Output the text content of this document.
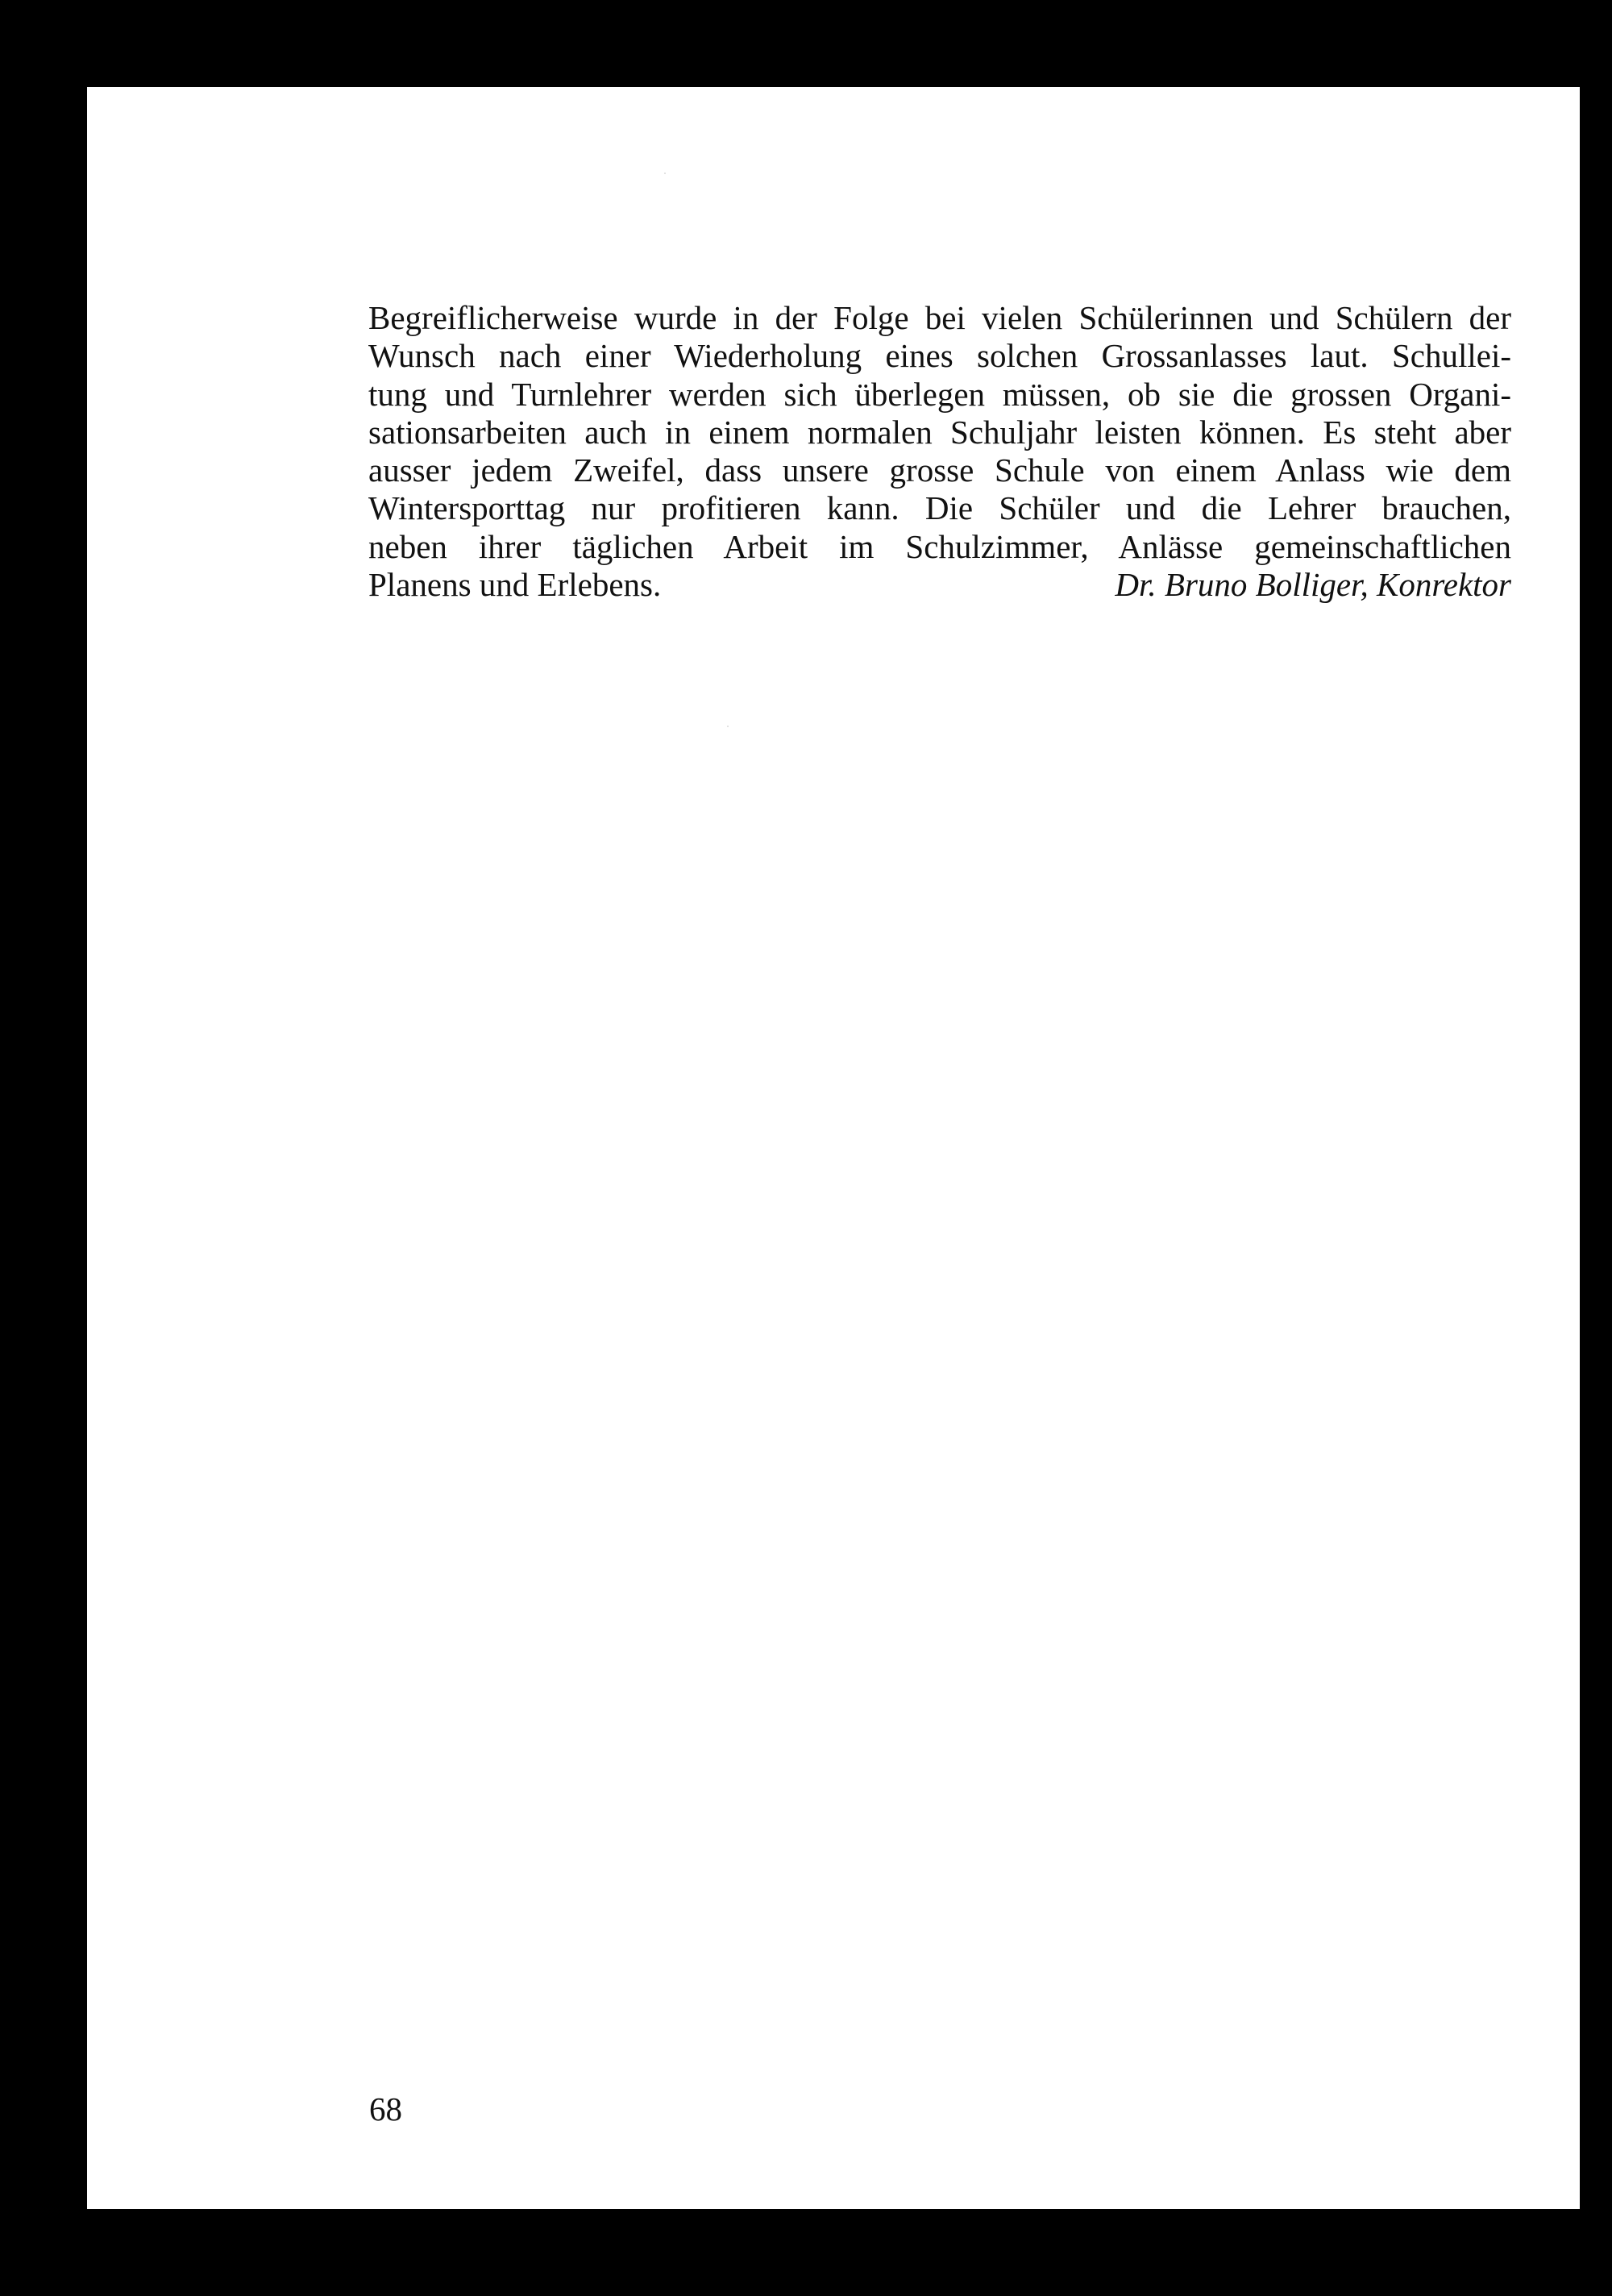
Begreiflicherweise wurde in der Folge bei vielen Schülerinnen und Schülern der
Wunsch nach einer Wiederholung eines solchen Grossanlasses laut. Schullei-
tung und Turnlehrer werden sich überlegen müssen, ob sie die grossen Organi-
sationsarbeiten auch in einem normalen Schuljahr leisten können. Es steht aber
ausser jedem Zweifel, dass unsere grosse Schule von einem Anlass wie dem
Wintersporttag nur profitieren kann. Die Schüler und die Lehrer brauchen,
neben ihrer täglichen Arbeit im Schulzimmer, Anlässe gemeinschaftlichen
Planens und Erlebens.	Dr. Bruno Bolliger, Konrektor

68
